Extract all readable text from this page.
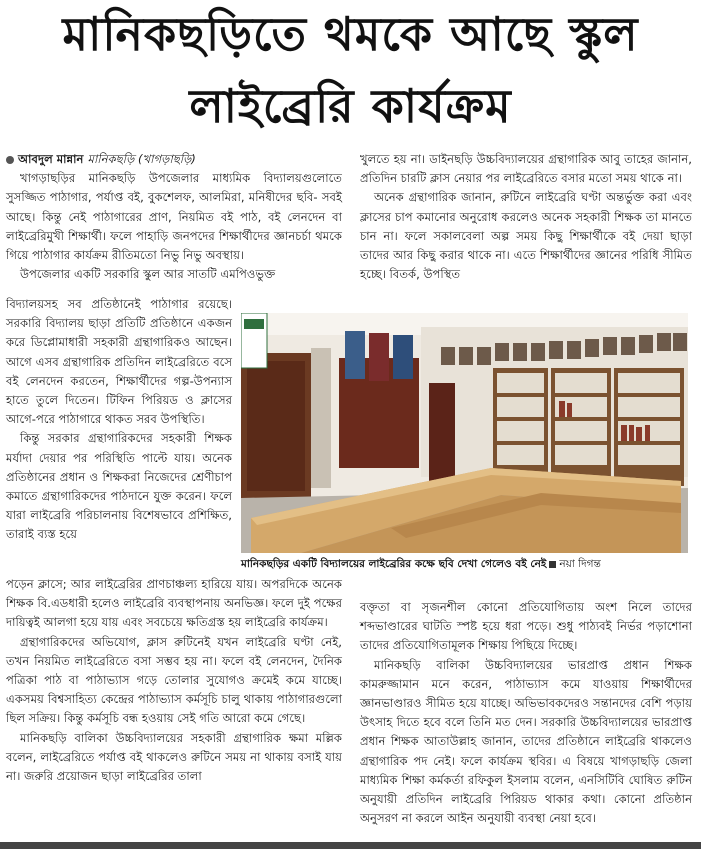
মানিকছড়িতে থমকে আছে স্কুল
লাইব্রেরি কার্যক্রম

আবদুল মান্নান মানিকছড়ি (খাগড়াছড়ি)

খাগড়াছড়ির মানিকছড়ি উপজেলার মাধ্যমিক বিদ্যালয়গুলোতে সুসজ্জিত পাঠাগার, পর্যাপ্ত বই, বুকশেলফ, আলমিরা, মনিষীদের ছবি- সবই আছে। কিন্তু নেই পাঠাগারের প্রাণ, নিয়মিত বই পাঠ, বই লেনদেন বা লাইব্রেরিমুখী শিক্ষার্থী। ফলে পাহাড়ি জনপদের শিক্ষার্থীদের জ্ঞানচর্চা থমকে গিয়ে পাঠাগার কার্যক্রম রীতিমতো নিভু নিভু অবস্থায়।

উপজেলার একটি সরকারি স্কুল আর সাতটি এমপিওভুক্ত

বিদ্যালয়সহ সব প্রতিষ্ঠানেই পাঠাগার রয়েছে। সরকারি বিদ্যালয় ছাড়া প্রতিটি প্রতিষ্ঠানে একজন করে ডিপ্লোমাধারী সহকারী গ্রন্থাগারিকও আছেন। আগে এসব গ্রন্থাগারিক প্রতিদিন লাইব্রেরিতে বসে বই লেনদেন করতেন, শিক্ষার্থীদের গল্প-উপন্যাস হাতে তুলে দিতেন। টিফিন পিরিয়ড ও ক্লাসের আগে-পরে পাঠাগারে থাকত সরব উপস্থিতি।

কিন্তু সরকার গ্রন্থাগারিকদের সহকারী শিক্ষক মর্যাদা দেয়ার পর পরিস্থিতি পাল্টে যায়। অনেক প্রতিষ্ঠানের প্রধান ও শিক্ষকরা নিজেদের শ্রেণীচাপ কমাতে গ্রন্থাগারিকদের পাঠদানে যুক্ত করেন। ফলে যারা লাইব্রেরি পরিচালনায় বিশেষভাবে প্রশিক্ষিত, তারাই ব্যস্ত হয়ে

পড়েন ক্লাসে; আর লাইব্রেরির প্রাণচাঞ্চল্য হারিয়ে যায়। অপরদিকে অনেক শিক্ষক বি.এডধারী হলেও লাইব্রেরি ব্যবস্থাপনায় অনভিজ্ঞ। ফলে দুই পক্ষের দায়িত্বই আলগা হয়ে যায় এবং সবচেয়ে ক্ষতিগ্রস্ত হয় লাইব্রেরি কার্যক্রম।

গ্রন্থাগারিকদের অভিযোগ, ক্লাস রুটিনেই যখন লাইব্রেরি ঘণ্টা নেই, তখন নিয়মিত লাইব্রেরিতে বসা সম্ভব হয় না। ফলে বই লেনদেন, দৈনিক পত্রিকা পাঠ বা পাঠাভ্যাস গড়ে তোলার সুযোগও ক্রমেই কমে যাচ্ছে। একসময় বিশ্বসাহিত্য কেন্দ্রের পাঠাভ্যাস কর্মসূচি চালু থাকায় পাঠাগারগুলো ছিল সক্রিয়। কিন্তু কর্মসূচি বন্ধ হওয়ায় সেই গতি আরো কমে গেছে।

মানিকছড়ি বালিকা উচ্চবিদ্যালয়ের সহকারী গ্রন্থাগারিক ক্ষমা মল্লিক বলেন, লাইব্রেরিতে পর্যাপ্ত বই থাকলেও রুটিনে সময় না থাকায় বসাই যায় না। জরুরি প্রয়োজন ছাড়া লাইব্রেরির তালা

খুলতে হয় না। ডাইনছড়ি উচ্চবিদ্যালয়ের গ্রন্থাগারিক আবু তাহের জানান, প্রতিদিন চারটি ক্লাস নেয়ার পর লাইব্রেরিতে বসার মতো সময় থাকে না।

অনেক গ্রন্থাগারিক জানান, রুটিনে লাইব্রেরি ঘণ্টা অন্তর্ভুক্ত করা এবং ক্লাসের চাপ কমানোর অনুরোধ করলেও অনেক সহকারী শিক্ষক তা মানতে চান না। ফলে সকালবেলা অল্প সময় কিছু শিক্ষার্থীকে বই দেয়া ছাড়া তাদের আর কিছু করার থাকে না। এতে শিক্ষার্থীদের জ্ঞানের পরিধি সীমিত হচ্ছে। বিতর্ক, উপস্থিত

বক্তৃতা বা সৃজনশীল কোনো প্রতিযোগিতায় অংশ নিলে তাদের শব্দভাণ্ডারের ঘাটতি স্পষ্ট হয়ে ধরা পড়ে। শুধু পাঠ্যবই নির্ভর পড়াশোনা তাদের প্রতিযোগিতামূলক শিক্ষায় পিছিয়ে দিচ্ছে।

মানিকছড়ি বালিকা উচ্চবিদ্যালয়ের ভারপ্রাপ্ত প্রধান শিক্ষক কামরুজ্জামান মনে করেন, পাঠাভ্যাস কমে যাওয়ায় শিক্ষার্থীদের জ্ঞানভাণ্ডারও সীমিত হয়ে যাচ্ছে। অভিভাবকদেরও সন্তানদের বেশি পড়ায় উৎসাহ দিতে হবে বলে তিনি মত দেন। সরকারি উচ্চবিদ্যালয়ের ভারপ্রাপ্ত প্রধান শিক্ষক আতাউল্লাহ জানান, তাদের প্রতিষ্ঠানে লাইব্রেরি থাকলেও গ্রন্থাগারিক পদ নেই। ফলে কার্যক্রম স্থবির। এ বিষয়ে খাগড়াছড়ি জেলা মাধ্যমিক শিক্ষা কর্মকর্তা রফিকুল ইসলাম বলেন, এনসিটিবি ঘোষিত রুটিন অনুযায়ী প্রতিদিন লাইব্রেরি পিরিয়ড থাকার কথা। কোনো প্রতিষ্ঠান অনুসরণ না করলে আইন অনুযায়ী ব্যবস্থা নেয়া হবে।

মানিকছড়ির একটি বিদ্যালয়ের লাইব্রেরির কক্ষে ছবি দেখা গেলেও বই নেই নয়া দিগন্ত
